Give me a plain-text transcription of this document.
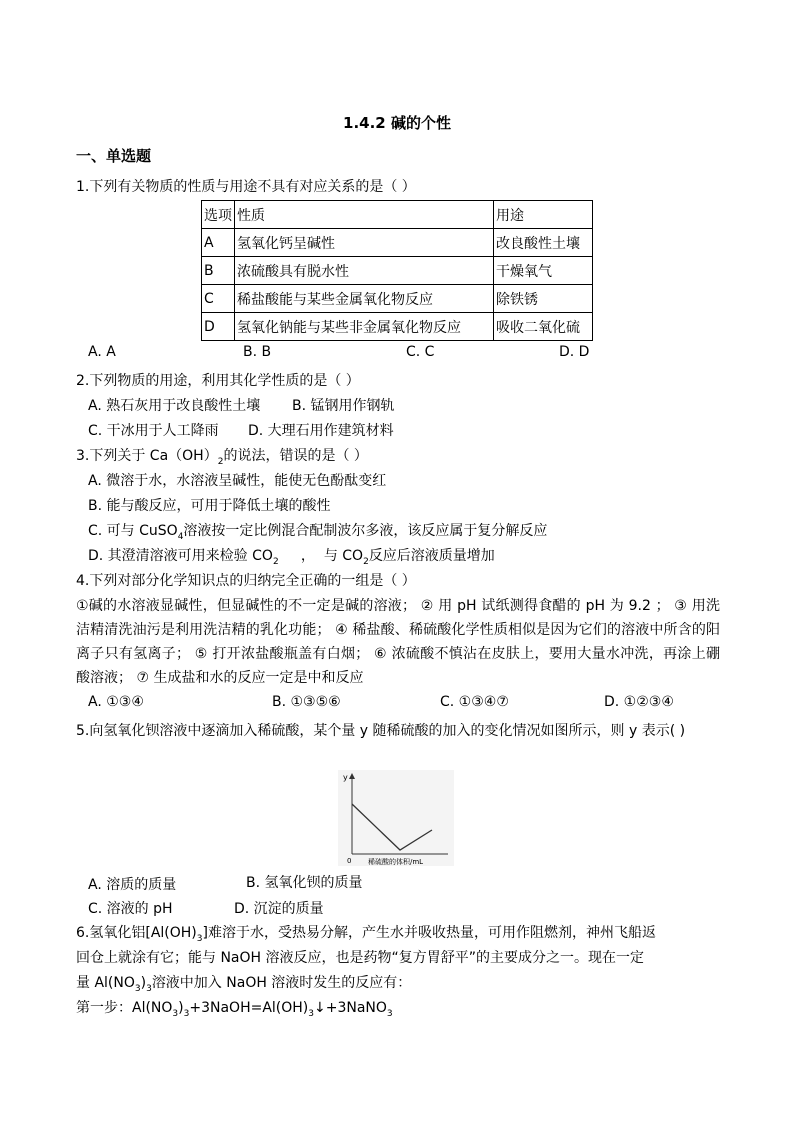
1.4.2 碱的个性
一、单选题
1.下列有关物质的性质与用途不具有对应关系的是（ ）
选项	性质	用途
A	氢氧化钙呈碱性	改良酸性土壤
B	浓硫酸具有脱水性	干燥氧气
C	稀盐酸能与某些金属氧化物反应	除铁锈
D	氢氧化钠能与某些非金属氧化物反应	吸收二氧化硫
A. A	B. B	C. C	D. D
2.下列物质的用途，利用其化学性质的是（ ）
A. 熟石灰用于改良酸性土壤 B. 锰钢用作钢轨
C. 干冰用于人工降雨 D. 大理石用作建筑材料
3.下列关于 $Ca(OH)_2$的说法，错误的是（ ）
A. 微溶于水，水溶液呈碱性，能使无色酚酞变红
B. 能与酸反应，可用于降低土壤的酸性
C. 可与 CuSO$_4$溶液按一定比例混合配制波尔多液，该反应属于复分解反应
D. 其澄清溶液可用来检验 $CO_2$     ，  与 $CO_2$反应后溶液质量增加
4.下列对部分化学知识点的归纳完全正确的一组是（ ）
①碱的水溶液显碱性，但显碱性的不一定是碱的溶液； ② 用 pH 试纸测得食醋的 pH 为 9.2 ； ③ 用洗洁精清洗油污是利用洗洁精的乳化功能； ④ 稀盐酸、稀硫酸化学性质相似是因为它们的溶液中所含的阳离子只有氢离子； ⑤ 打开浓盐酸瓶盖有白烟； ⑥ 浓硫酸不慎沾在皮肤上，要用大量水冲洗，再涂上硼酸溶液； ⑦ 生成盐和水的反应一定是中和反应
A. ①③④	B. ①③⑤⑥	C. ①③④⑦	D. ①②③④
5.向氢氧化钡溶液中逐滴加入稀硫酸，某个量 y 随稀硫酸的加入的变化情况如图所示，则 y 表示( )
y
0 稀硫酸的体积/mL
A. 溶质的质量	B. 氢氧化钡的质量
C. 溶液的 pH	D. 沉淀的质量
6.氢氧化铝$[Al(OH)_3]$难溶于水，受热易分解，产生水并吸收热量，可用作阻燃剂，神州飞船返
回仓上就涂有它；能与 NaOH 溶液反应，也是药物“复方胃舒平”的主要成分之一。现在一定
量 $Al(NO_3)_3$溶液中加入 NaOH 溶液时发生的反应有：
第一步：$Al(NO_3)_3+3NaOH=Al(OH)_3↓+3NaNO_3$
